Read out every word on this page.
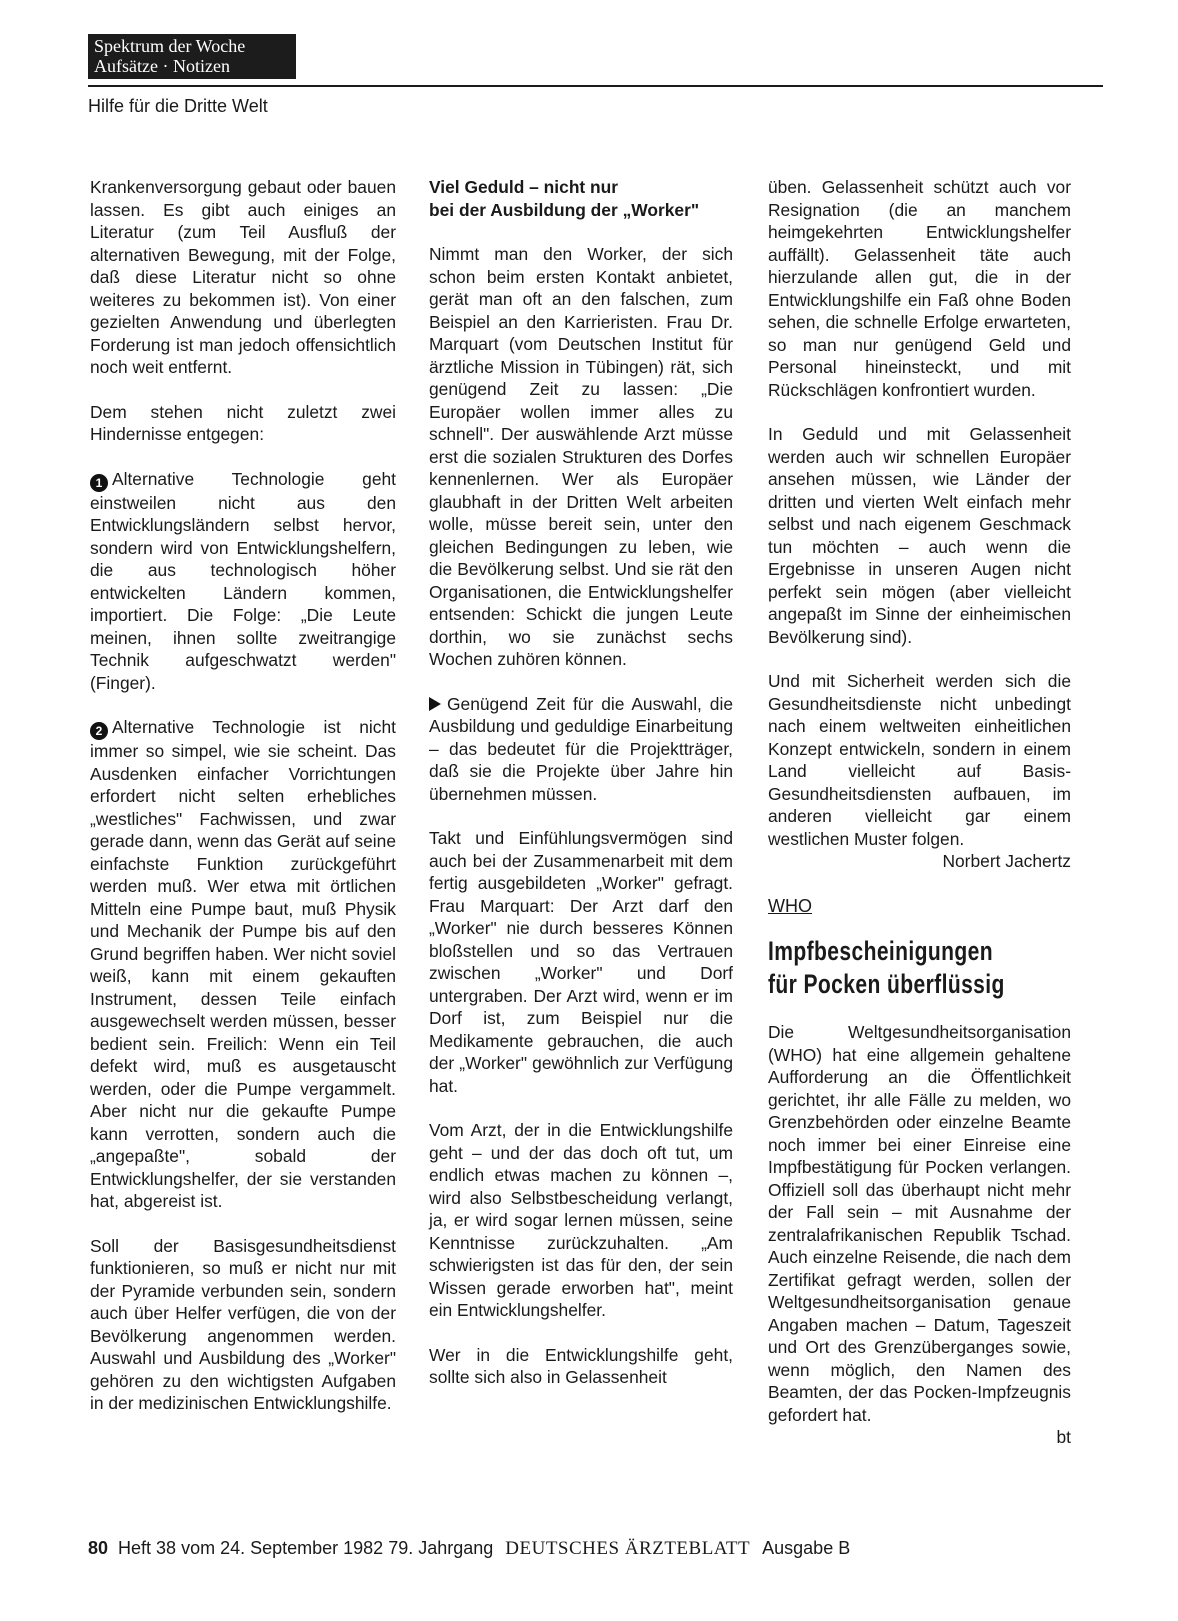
Spektrum der Woche
Aufsätze · Notizen
Hilfe für die Dritte Welt

Krankenversorgung gebaut oder bauen lassen. Es gibt auch einiges an Literatur (zum Teil Ausfluß der alternativen Bewegung, mit der Folge, daß diese Literatur nicht so ohne weiteres zu bekommen ist). Von einer gezielten Anwendung und überlegten Forderung ist man jedoch offensichtlich noch weit entfernt.

Dem stehen nicht zuletzt zwei Hindernisse entgegen:

1 Alternative Technologie geht einstweilen nicht aus den Entwicklungsländern selbst hervor, sondern wird von Entwicklungshelfern, die aus technologisch höher entwickelten Ländern kommen, importiert. Die Folge: „Die Leute meinen, ihnen sollte zweitrangige Technik aufgeschwatzt werden" (Finger).

2 Alternative Technologie ist nicht immer so simpel, wie sie scheint. Das Ausdenken einfacher Vorrichtungen erfordert nicht selten erhebliches „westliches" Fachwissen, und zwar gerade dann, wenn das Gerät auf seine einfachste Funktion zurückgeführt werden muß. Wer etwa mit örtlichen Mitteln eine Pumpe baut, muß Physik und Mechanik der Pumpe bis auf den Grund begriffen haben. Wer nicht soviel weiß, kann mit einem gekauften Instrument, dessen Teile einfach ausgewechselt werden müssen, besser bedient sein. Freilich: Wenn ein Teil defekt wird, muß es ausgetauscht werden, oder die Pumpe vergammelt. Aber nicht nur die gekaufte Pumpe kann verrotten, sondern auch die „angepaßte", sobald der Entwicklungshelfer, der sie verstanden hat, abgereist ist.

Soll der Basisgesundheitsdienst funktionieren, so muß er nicht nur mit der Pyramide verbunden sein, sondern auch über Helfer verfügen, die von der Bevölkerung angenommen werden. Auswahl und Ausbildung des „Worker" gehören zu den wichtigsten Aufgaben in der medizinischen Entwicklungshilfe.

Viel Geduld – nicht nur
bei der Ausbildung der „Worker"

Nimmt man den Worker, der sich schon beim ersten Kontakt anbietet, gerät man oft an den falschen, zum Beispiel an den Karrieristen. Frau Dr. Marquart (vom Deutschen Institut für ärztliche Mission in Tübingen) rät, sich genügend Zeit zu lassen: „Die Europäer wollen immer alles zu schnell". Der auswählende Arzt müsse erst die sozialen Strukturen des Dorfes kennenlernen. Wer als Europäer glaubhaft in der Dritten Welt arbeiten wolle, müsse bereit sein, unter den gleichen Bedingungen zu leben, wie die Bevölkerung selbst. Und sie rät den Organisationen, die Entwicklungshelfer entsenden: Schickt die jungen Leute dorthin, wo sie zunächst sechs Wochen zuhören können.

Genügend Zeit für die Auswahl, die Ausbildung und geduldige Einarbeitung – das bedeutet für die Projektträger, daß sie die Projekte über Jahre hin übernehmen müssen.

Takt und Einfühlungsvermögen sind auch bei der Zusammenarbeit mit dem fertig ausgebildeten „Worker" gefragt. Frau Marquart: Der Arzt darf den „Worker" nie durch besseres Können bloßstellen und so das Vertrauen zwischen „Worker" und Dorf untergraben. Der Arzt wird, wenn er im Dorf ist, zum Beispiel nur die Medikamente gebrauchen, die auch der „Worker" gewöhnlich zur Verfügung hat.

Vom Arzt, der in die Entwicklungshilfe geht – und der das doch oft tut, um endlich etwas machen zu können –, wird also Selbstbescheidung verlangt, ja, er wird sogar lernen müssen, seine Kenntnisse zurückzuhalten. „Am schwierigsten ist das für den, der sein Wissen gerade erworben hat", meint ein Entwicklungshelfer.

Wer in die Entwicklungshilfe geht, sollte sich also in Gelassenheit

üben. Gelassenheit schützt auch vor Resignation (die an manchem heimgekehrten Entwicklungshelfer auffällt). Gelassenheit täte auch hierzulande allen gut, die in der Entwicklungshilfe ein Faß ohne Boden sehen, die schnelle Erfolge erwarteten, so man nur genügend Geld und Personal hineinsteckt, und mit Rückschlägen konfrontiert wurden.

In Geduld und mit Gelassenheit werden auch wir schnellen Europäer ansehen müssen, wie Länder der dritten und vierten Welt einfach mehr selbst und nach eigenem Geschmack tun möchten – auch wenn die Ergebnisse in unseren Augen nicht perfekt sein mögen (aber vielleicht angepaßt im Sinne der einheimischen Bevölkerung sind).

Und mit Sicherheit werden sich die Gesundheitsdienste nicht unbedingt nach einem weltweiten einheitlichen Konzept entwickeln, sondern in einem Land vielleicht auf Basis-Gesundheitsdiensten aufbauen, im anderen vielleicht gar einem westlichen Muster folgen.

Norbert Jachertz
WHO
Impfbescheinigungen
für Pocken überflüssig

Die Weltgesundheitsorganisation (WHO) hat eine allgemein gehaltene Aufforderung an die Öffentlichkeit gerichtet, ihr alle Fälle zu melden, wo Grenzbehörden oder einzelne Beamte noch immer bei einer Einreise eine Impfbestätigung für Pocken verlangen. Offiziell soll das überhaupt nicht mehr der Fall sein – mit Ausnahme der zentralafrikanischen Republik Tschad. Auch einzelne Reisende, die nach dem Zertifikat gefragt werden, sollen der Weltgesundheitsorganisation genaue Angaben machen – Datum, Tageszeit und Ort des Grenzüberganges sowie, wenn möglich, den Namen des Beamten, der das Pocken-Impfzeugnis gefordert hat.

bt
80 Heft 38 vom 24. September 1982 79. Jahrgang DEUTSCHES ÄRZTEBLATT Ausgabe B
